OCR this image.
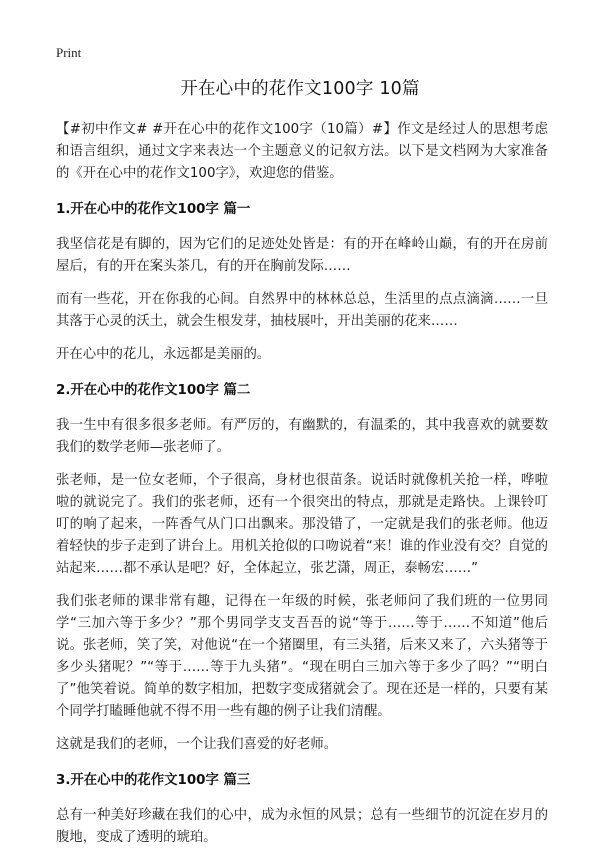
Print
开在心中的花作文100字 10篇

【#初中作文# #开在心中的花作文100字（10篇）#】作文是经过人的思想考虑和语言组织，通过文字来表达一个主题意义的记叙方法。以下是文档网为大家准备的《开在心中的花作文100字》，欢迎您的借鉴。

1.开在心中的花作文100字 篇一

我坚信花是有脚的，因为它们的足迹处处皆是：有的开在峰岭山巅，有的开在房前屋后，有的开在案头茶几，有的开在胸前发际……

而有一些花，开在你我的心间。自然界中的林林总总，生活里的点点滴滴……一旦其落于心灵的沃土，就会生根发芽，抽枝展叶，开出美丽的花来……

开在心中的花儿，永远都是美丽的。

2.开在心中的花作文100字 篇二

我一生中有很多很多老师。有严厉的，有幽默的，有温柔的，其中我喜欢的就要数我们的数学老师—张老师了。

张老师，是一位女老师，个子很高，身材也很苗条。说话时就像机关抢一样，哗啦啦的就说完了。我们的张老师，还有一个很突出的特点，那就是走路快。上课铃叮叮的响了起来，一阵香气从门口出飘来。那没错了，一定就是我们的张老师。他迈着轻快的步子走到了讲台上。用机关抢似的口吻说着“来！谁的作业没有交？自觉的站起来……都不承认是吧？好，全体起立，张艺潇，周正，泰畅宏……”

我们张老师的课非常有趣，记得在一年级的时候，张老师问了我们班的一位男同学“三加六等于多少？”那个男同学支支吾吾的说“等于……等于……不知道”他后说。张老师，笑了笑，对他说“在一个猪圈里，有三头猪，后来又来了，六头猪等于多少头猪呢？”“等于……等于九头猪”。“现在明白三加六等于多少了吗？”“明白了”他笑着说。简单的数字相加，把数字变成猪就会了。现在还是一样的，只要有某个同学打瞌睡他就不得不用一些有趣的例子让我们清醒。

这就是我们的老师，一个让我们喜爱的好老师。

3.开在心中的花作文100字 篇三

总有一种美好珍藏在我们的心中，成为永恒的风景；总有一些细节的沉淀在岁月的腹地，变成了透明的琥珀。
